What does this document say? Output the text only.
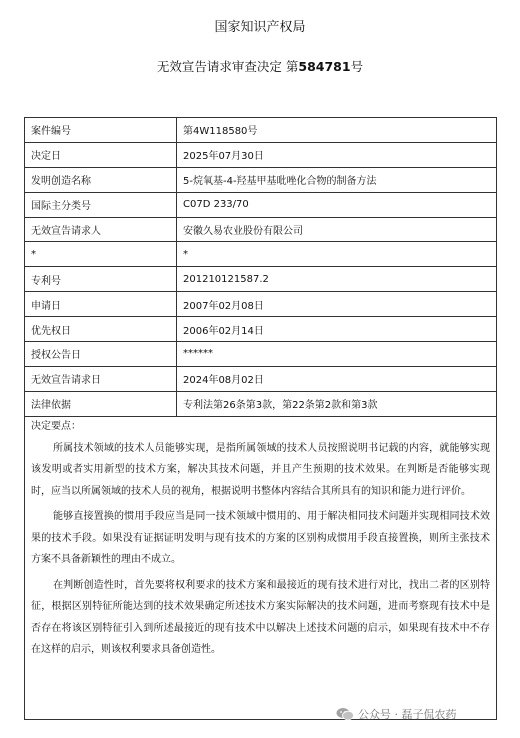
国家知识产权局
无效宣告请求审查决定 第584781号
案件编号	第4W118580号
决定日	2025年07月30日
发明创造名称	5-烷氧基-4-羟基甲基吡唑化合物的制备方法
国际主分类号	C07D 233/70
无效宣告请求人	安徽久易农业股份有限公司
*	*
专利号	201210121587.2
申请日	2007年02月08日
优先权日	2006年02月14日
授权公告日	******
无效宣告请求日	2024年08月02日
法律依据	专利法第26条第3款，第22条第2款和第3款
决定要点：

所属技术领域的技术人员能够实现，是指所属领域的技术人员按照说明书记载的内容，就能够实现该发明或者实用新型的技术方案，解决其技术问题，并且产生预期的技术效果。在判断是否能够实现时，应当以所属领域的技术人员的视角，根据说明书整体内容结合其所具有的知识和能力进行评价。

能够直接置换的惯用手段应当是同一技术领域中惯用的、用于解决相同技术问题并实现相同技术效果的技术手段。如果没有证据证明发明与现有技术的方案的区别构成惯用手段直接置换，则所主张技术方案不具备新颖性的理由不成立。

在判断创造性时，首先要将权利要求的技术方案和最接近的现有技术进行对比，找出二者的区别特征，根据区别特征所能达到的技术效果确定所述技术方案实际解决的技术问题，进而考察现有技术中是否存在将该区别特征引入到所述最接近的现有技术中以解决上述技术问题的启示，如果现有技术中不存在这样的启示，则该权利要求具备创造性。

公众号 · 磊子侃农药
